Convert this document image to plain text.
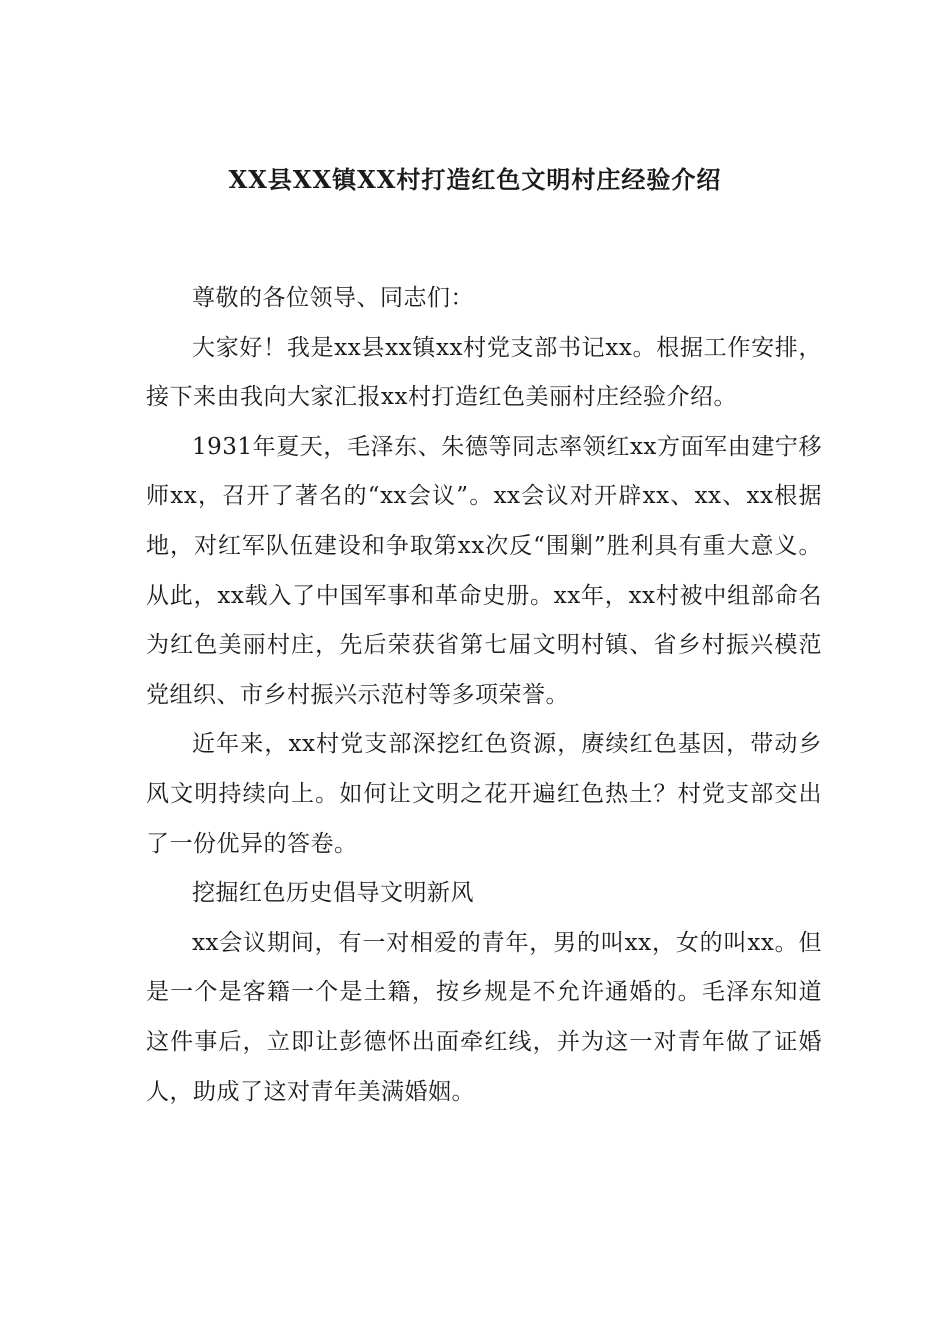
XX县XX镇XX村打造红色文明村庄经验介绍

尊敬的各位领导、同志们：

大家好！我是xx县xx镇xx村党支部书记xx。根据工作安排，接下来由我向大家汇报xx村打造红色美丽村庄经验介绍。

1931年夏天，毛泽东、朱德等同志率领红xx方面军由建宁移师xx，召开了著名的“xx会议”。xx会议对开辟xx、xx、xx根据地，对红军队伍建设和争取第xx次反“围剿”胜利具有重大意义。从此，xx载入了中国军事和革命史册。xx年，xx村被中组部命名为红色美丽村庄，先后荣获省第七届文明村镇、省乡村振兴模范党组织、市乡村振兴示范村等多项荣誉。

近年来，xx村党支部深挖红色资源，赓续红色基因，带动乡风文明持续向上。如何让文明之花开遍红色热土？村党支部交出了一份优异的答卷。

挖掘红色历史倡导文明新风

xx会议期间，有一对相爱的青年，男的叫xx，女的叫xx。但是一个是客籍一个是土籍，按乡规是不允许通婚的。毛泽东知道这件事后，立即让彭德怀出面牵红线，并为这一对青年做了证婚人，助成了这对青年美满婚姻。
